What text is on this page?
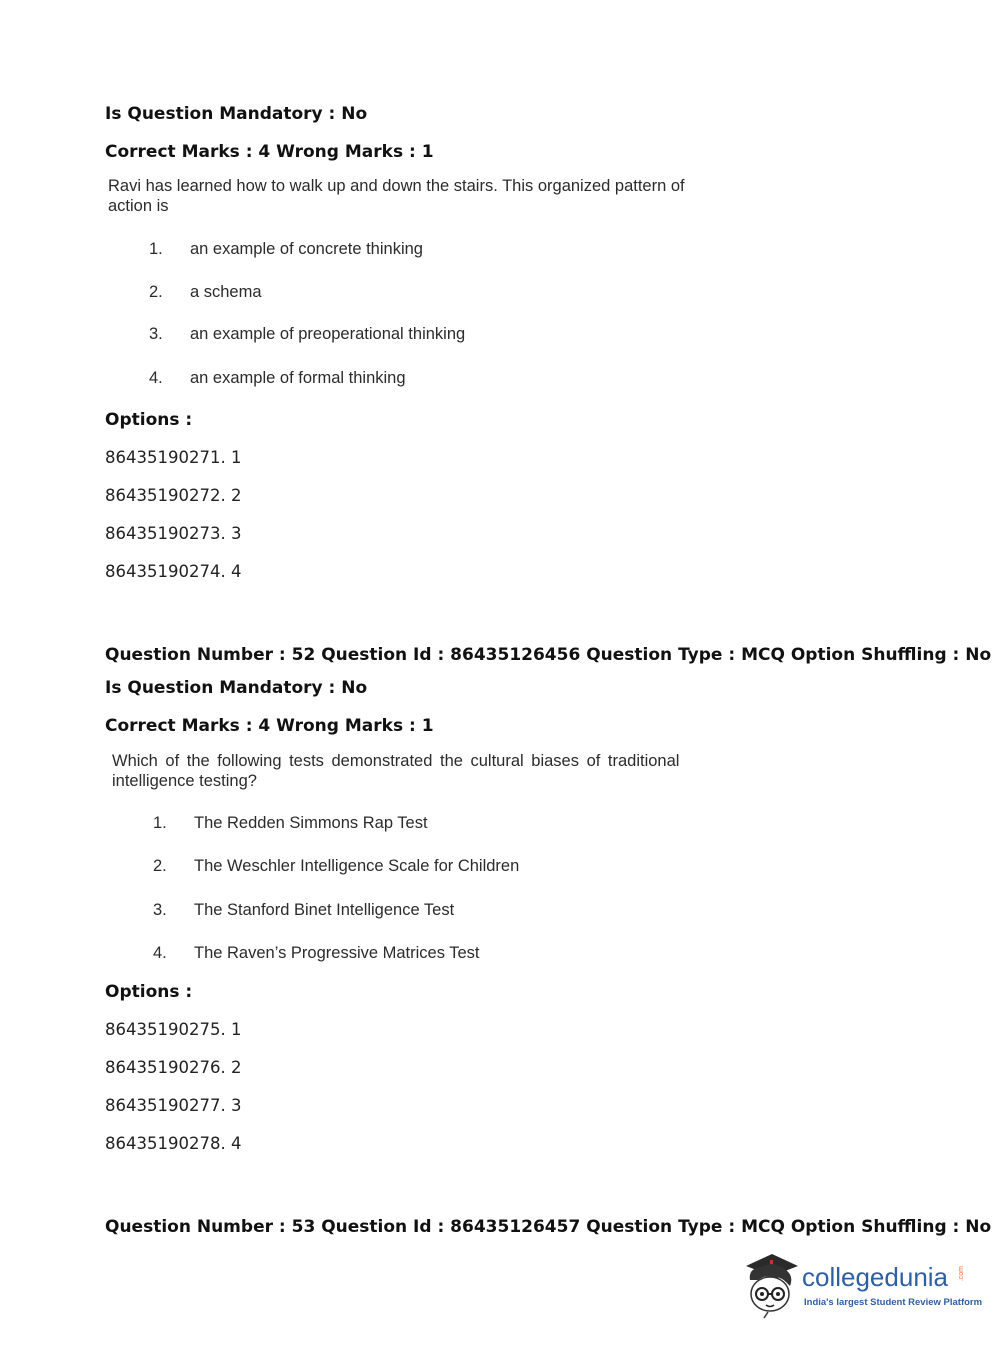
Is Question Mandatory : No
Correct Marks : 4 Wrong Marks : 1
Ravi has learned how to walk up and down the stairs. This organized pattern of
action is
1. an example of concrete thinking
2. a schema
3. an example of preoperational thinking
4. an example of formal thinking
Options :
86435190271. 1
86435190272. 2
86435190273. 3
86435190274. 4
Question Number : 52 Question Id : 86435126456 Question Type : MCQ Option Shuffling : No
Is Question Mandatory : No
Correct Marks : 4 Wrong Marks : 1
Which of the following tests demonstrated the cultural biases of traditional
intelligence testing?
1. The Redden Simmons Rap Test
2. The Weschler Intelligence Scale for Children
3. The Stanford Binet Intelligence Test
4. The Raven’s Progressive Matrices Test
Options :
86435190275. 1
86435190276. 2
86435190277. 3
86435190278. 4
Question Number : 53 Question Id : 86435126457 Question Type : MCQ Option Shuffling : No
collegedunia .com
India's largest Student Review Platform
